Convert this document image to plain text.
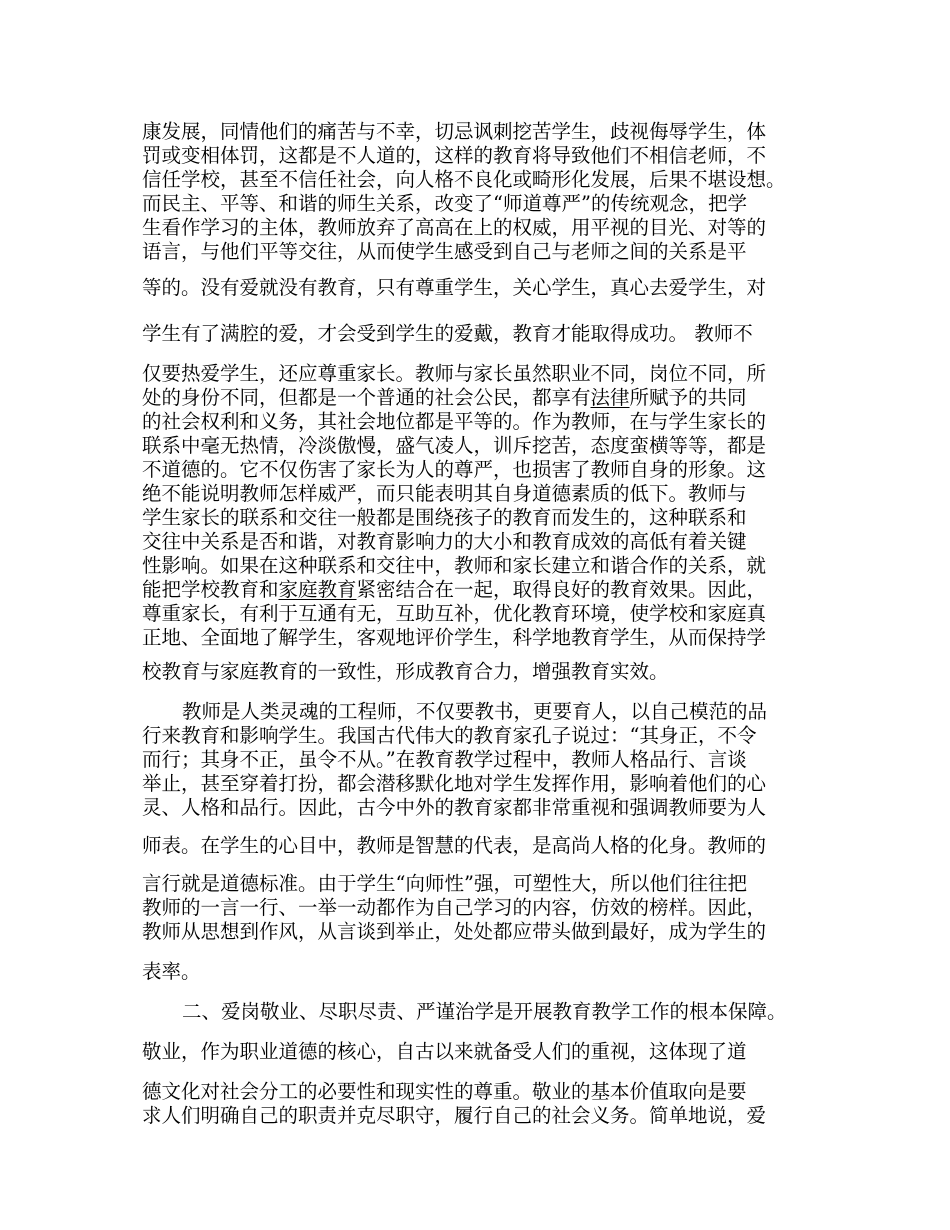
康发展，同情他们的痛苦与不幸，切忌讽刺挖苦学生，歧视侮辱学生，体
罚或变相体罚，这都是不人道的，这样的教育将导致他们不相信老师，不
信任学校，甚至不信任社会，向人格不良化或畸形化发展，后果不堪设想。
而民主、平等、和谐的师生关系，改变了“师道尊严”的传统观念，把学
生看作学习的主体，教师放弃了高高在上的权威，用平视的目光、对等的
语言，与他们平等交往，从而使学生感受到自己与老师之间的关系是平
等的。没有爱就没有教育，只有尊重学生，关心学生，真心去爱学生，对
学生有了满腔的爱，才会受到学生的爱戴，教育才能取得成功。 教师不
仅要热爱学生，还应尊重家长。教师与家长虽然职业不同，岗位不同，所
处的身份不同，但都是一个普通的社会公民，都享有法律所赋予的共同
的社会权利和义务，其社会地位都是平等的。作为教师，在与学生家长的
联系中毫无热情，冷淡傲慢，盛气凌人，训斥挖苦，态度蛮横等等，都是
不道德的。它不仅伤害了家长为人的尊严，也损害了教师自身的形象。这
绝不能说明教师怎样威严，而只能表明其自身道德素质的低下。教师与
学生家长的联系和交往一般都是围绕孩子的教育而发生的，这种联系和
交往中关系是否和谐，对教育影响力的大小和教育成效的高低有着关键
性影响。如果在这种联系和交往中，教师和家长建立和谐合作的关系，就
能把学校教育和家庭教育紧密结合在一起，取得良好的教育效果。因此，
尊重家长，有利于互通有无，互助互补，优化教育环境，使学校和家庭真
正地、全面地了解学生，客观地评价学生，科学地教育学生，从而保持学
校教育与家庭教育的一致性，形成教育合力，增强教育实效。
教师是人类灵魂的工程师，不仅要教书，更要育人，以自己模范的品
行来教育和影响学生。我国古代伟大的教育家孔子说过：“其身正，不令
而行；其身不正，虽令不从。”在教育教学过程中，教师人格品行、言谈
举止，甚至穿着打扮，都会潜移默化地对学生发挥作用，影响着他们的心
灵、人格和品行。因此，古今中外的教育家都非常重视和强调教师要为人
师表。在学生的心目中，教师是智慧的代表，是高尚人格的化身。教师的
言行就是道德标准。由于学生“向师性”强，可塑性大，所以他们往往把
教师的一言一行、一举一动都作为自己学习的内容，仿效的榜样。因此，
教师从思想到作风，从言谈到举止，处处都应带头做到最好，成为学生的
表率。
二、爱岗敬业、尽职尽责、严谨治学是开展教育教学工作的根本保障。
敬业，作为职业道德的核心，自古以来就备受人们的重视，这体现了道
德文化对社会分工的必要性和现实性的尊重。敬业的基本价值取向是要
求人们明确自己的职责并克尽职守，履行自己的社会义务。简单地说，爱
